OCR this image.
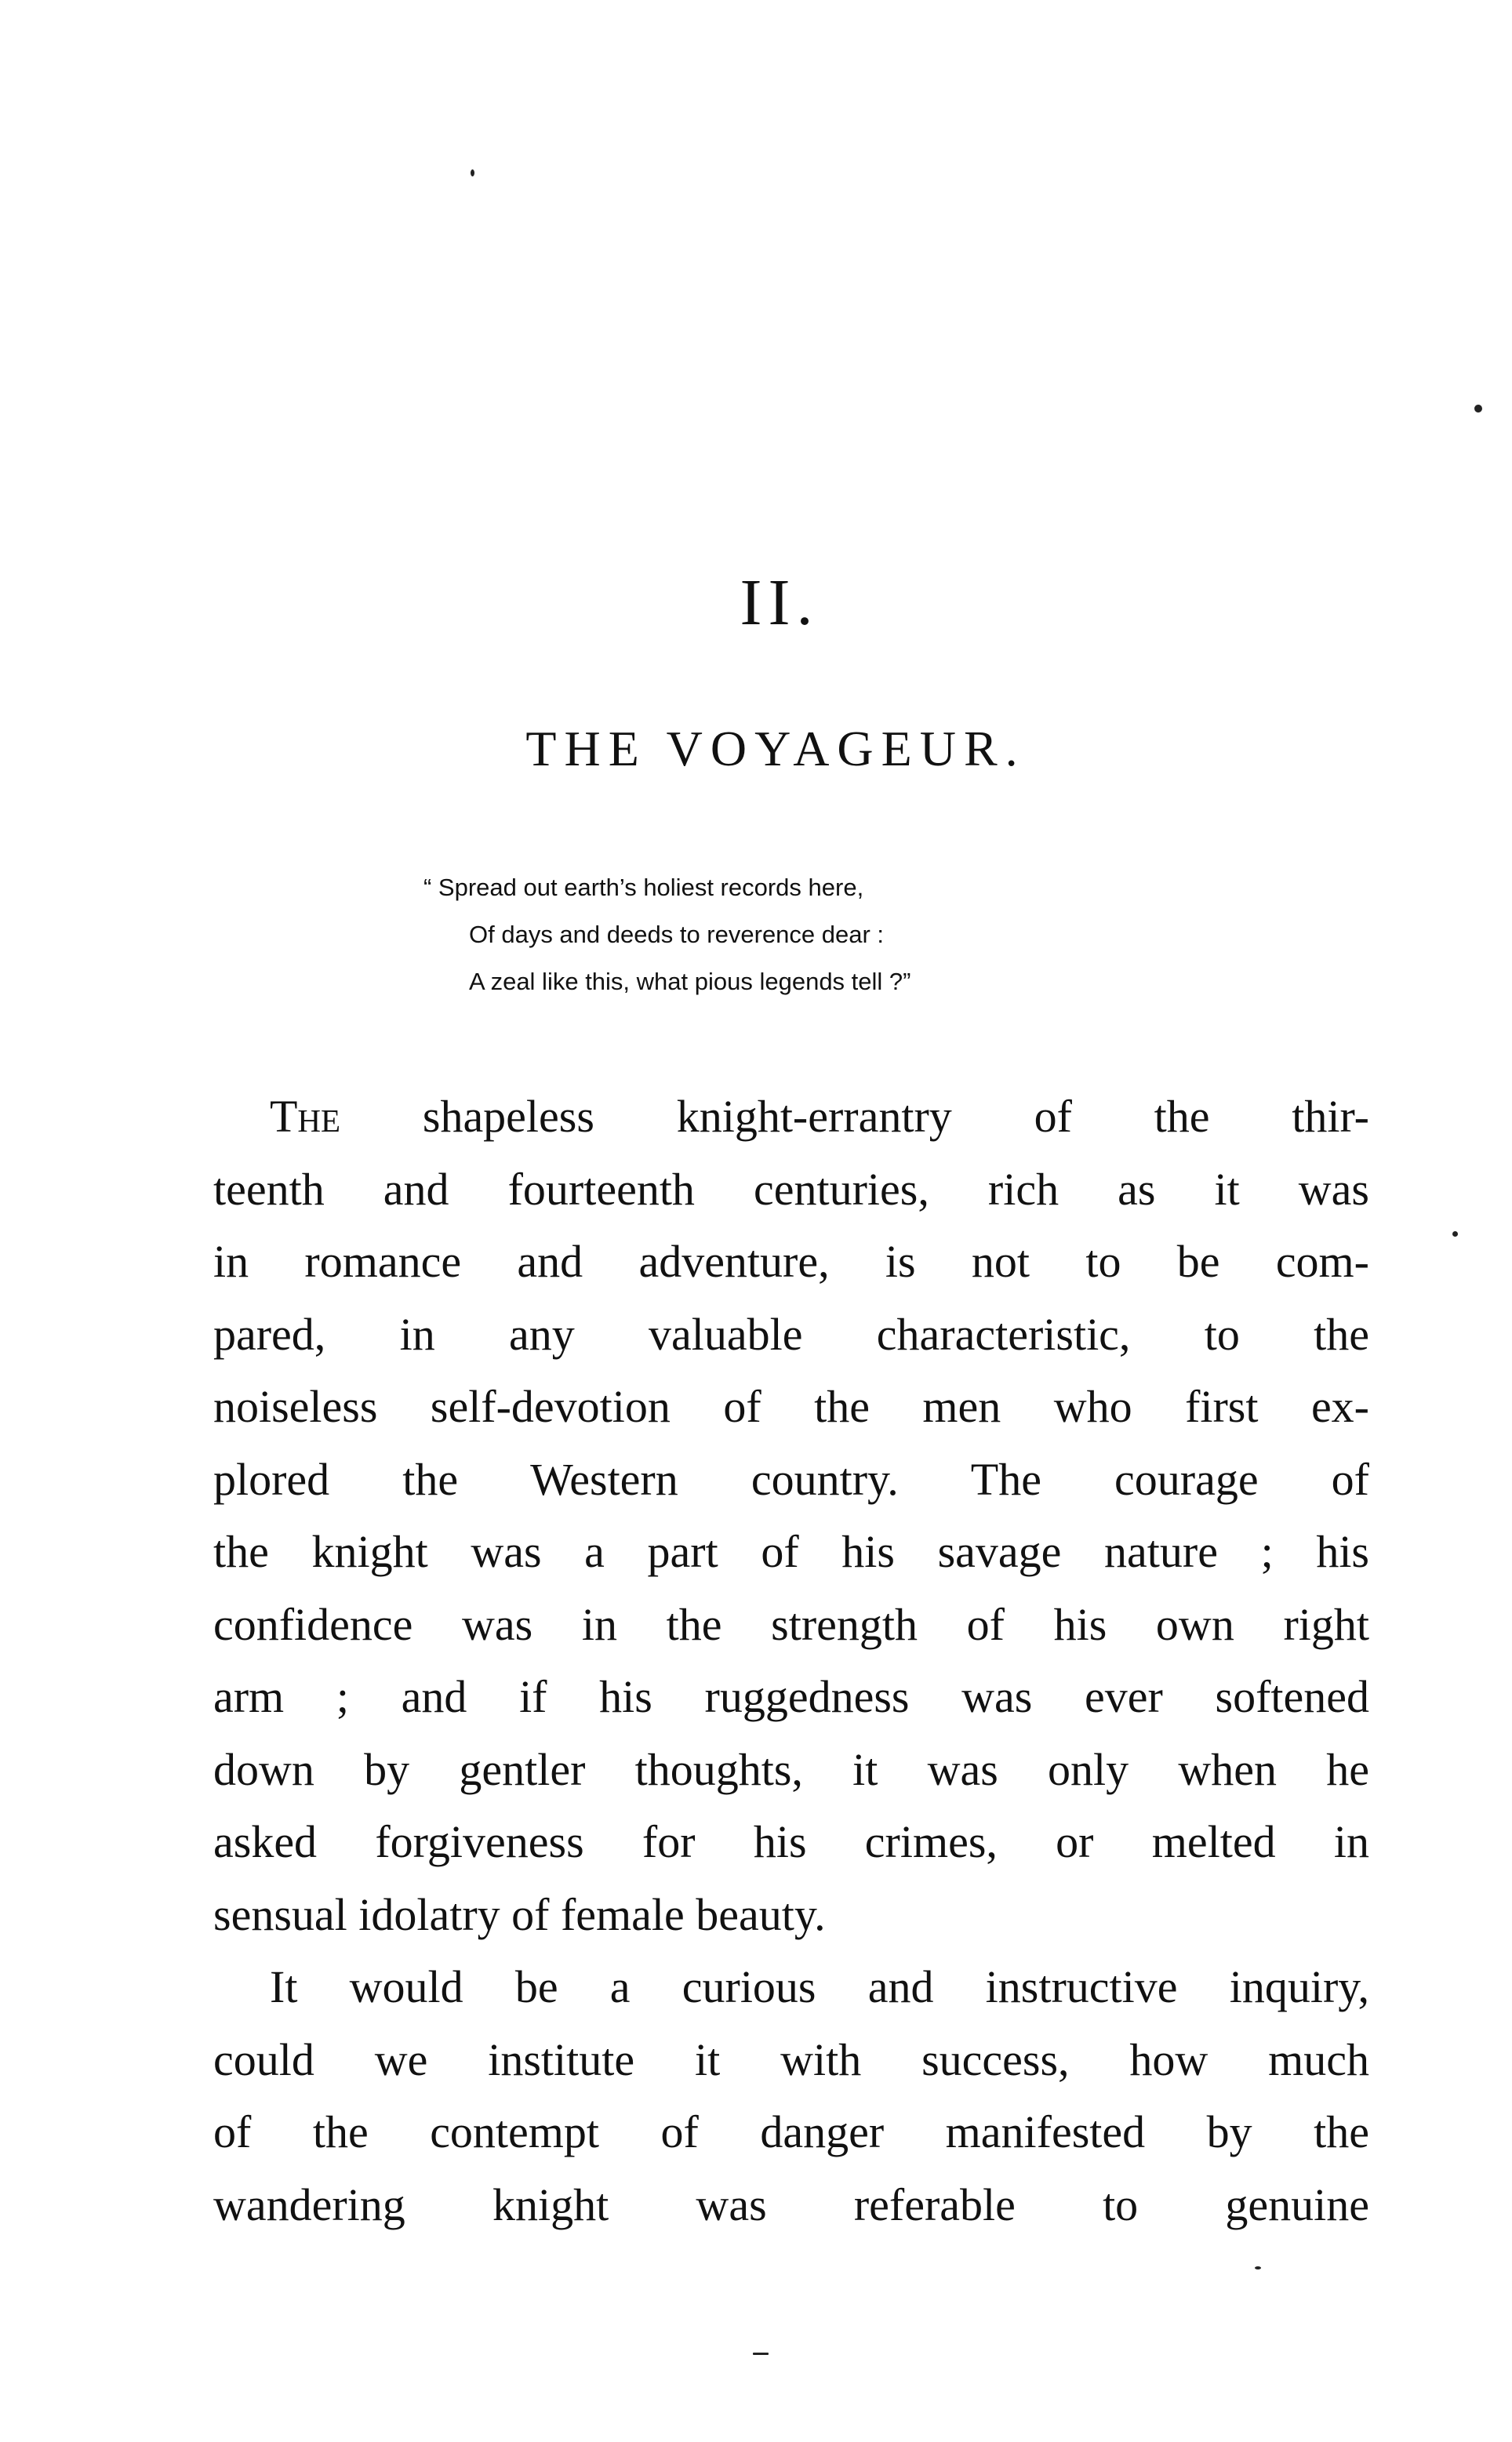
II.
THE VOYAGEUR.
“ Spread out earth’s holiest records here,
Of days and deeds to reverence dear :
A zeal like this, what pious legends tell ?”
The shapeless knight-errantry of the thir-
teenth and fourteenth centuries, rich as it was
in romance and adventure, is not to be com-
pared, in any valuable characteristic, to the
noiseless self-devotion of the men who first ex-
plored the Western country. The courage of
the knight was a part of his savage nature ; his
confidence was in the strength of his own right
arm ; and if his ruggedness was ever softened
down by gentler thoughts, it was only when he
asked forgiveness for his crimes, or melted in
sensual idolatry of female beauty.
It would be a curious and instructive inquiry,
could we institute it with success, how much
of the contempt of danger manifested by the
wandering knight was referable to genuine
